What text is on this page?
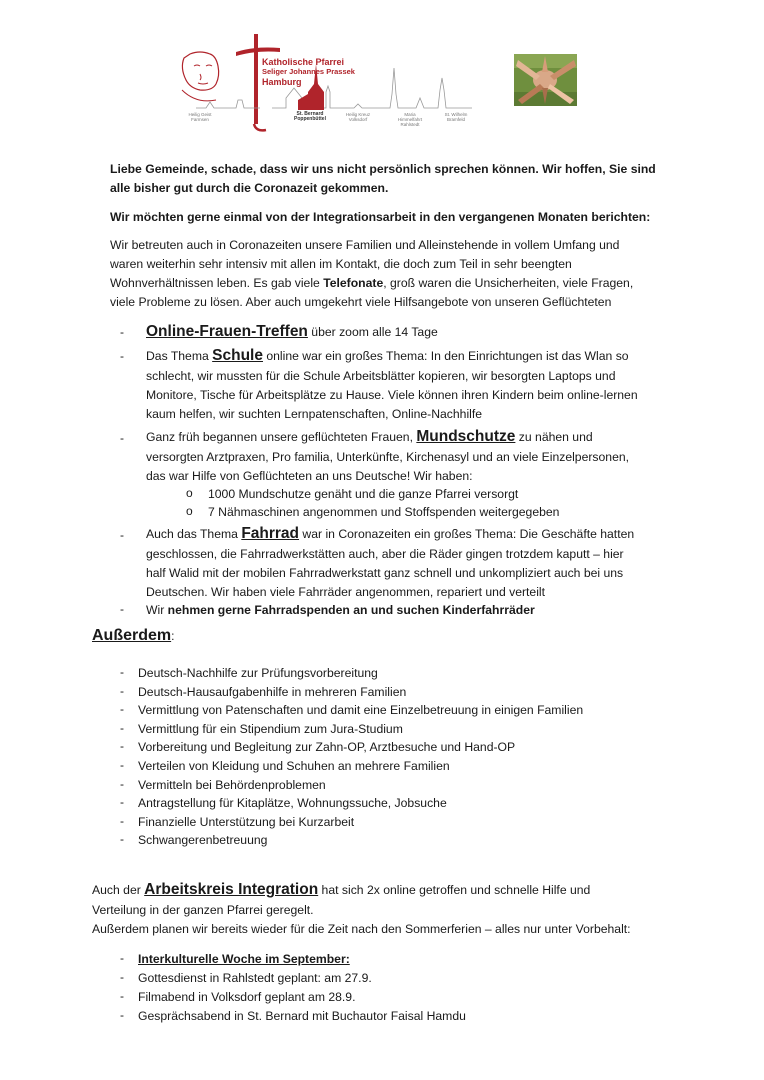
Katholische Pfarrei
Seliger Johannes Prassek
Hamburg
Heilig Geist
Farmsen
St. Bernard
Poppenbüttel
Heilig Kreuz
Volksdorf
Maria Himmelfahrt
Rahlstedt
St. Wilhelm
Bramfeld
Liebe Gemeinde, schade, dass wir uns nicht persönlich sprechen können. Wir hoffen, Sie sind
alle bisher gut durch die Coronazeit gekommen.
Wir möchten gerne einmal von der Integrationsarbeit in den vergangenen Monaten berichten:
Wir betreuten auch in Coronazeiten unsere Familien und Alleinstehende in vollem Umfang und
waren weiterhin sehr intensiv mit allen im Kontakt, die doch zum Teil in sehr beengten
Wohnverhältnissen leben. Es gab viele Telefonate, groß waren die Unsicherheiten, viele Fragen,
viele Probleme zu lösen. Aber auch umgekehrt viele Hilfsangebote von unseren Geflüchteten
- Online-Frauen-Treffen über zoom alle 14 Tage
- Das Thema Schule online war ein großes Thema: In den Einrichtungen ist das Wlan so
schlecht, wir mussten für die Schule Arbeitsblätter kopieren, wir besorgten Laptops und
Monitore, Tische für Arbeitsplätze zu Hause. Viele können ihren Kindern beim online-lernen
kaum helfen, wir suchten Lernpatenschaften, Online-Nachhilfe
- Ganz früh begannen unsere geflüchteten Frauen, Mundschutze zu nähen und
versorgten Arztpraxen, Pro familia, Unterkünfte, Kirchenasyl und an viele Einzelpersonen,
das war Hilfe von Geflüchteten an uns Deutsche! Wir haben:
o 1000 Mundschutze genäht und die ganze Pfarrei versorgt
o 7 Nähmaschinen angenommen und Stoffspenden weitergegeben
- Auch das Thema Fahrrad war in Coronazeiten ein großes Thema: Die Geschäfte hatten
geschlossen, die Fahrradwerkstätten auch, aber die Räder gingen trotzdem kaputt – hier
half Walid mit der mobilen Fahrradwerkstatt ganz schnell und unkompliziert auch bei uns
Deutschen. Wir haben viele Fahrräder angenommen, repariert und verteilt
- Wir nehmen gerne Fahrradspenden an und suchen Kinderfahrräder
Außerdem:
- Deutsch-Nachhilfe zur Prüfungsvorbereitung
- Deutsch-Hausaufgabenhilfe in mehreren Familien
- Vermittlung von Patenschaften und damit eine Einzelbetreuung in einigen Familien
- Vermittlung für ein Stipendium zum Jura-Studium
- Vorbereitung und Begleitung zur Zahn-OP, Arztbesuche und Hand-OP
- Verteilen von Kleidung und Schuhen an mehrere Familien
- Vermitteln bei Behördenproblemen
- Antragstellung für Kitaplätze, Wohnungssuche, Jobsuche
- Finanzielle Unterstützung bei Kurzarbeit
- Schwangerenbetreuung
Auch der Arbeitskreis Integration hat sich 2x online getroffen und schnelle Hilfe und
Verteilung in der ganzen Pfarrei geregelt.
Außerdem planen wir bereits wieder für die Zeit nach den Sommerferien – alles nur unter Vorbehalt:
- Interkulturelle Woche im September:
- Gottesdienst in Rahlstedt geplant: am 27.9.
- Filmabend in Volksdorf geplant am 28.9.
- Gesprächsabend in St. Bernard mit Buchautor Faisal Hamdu
